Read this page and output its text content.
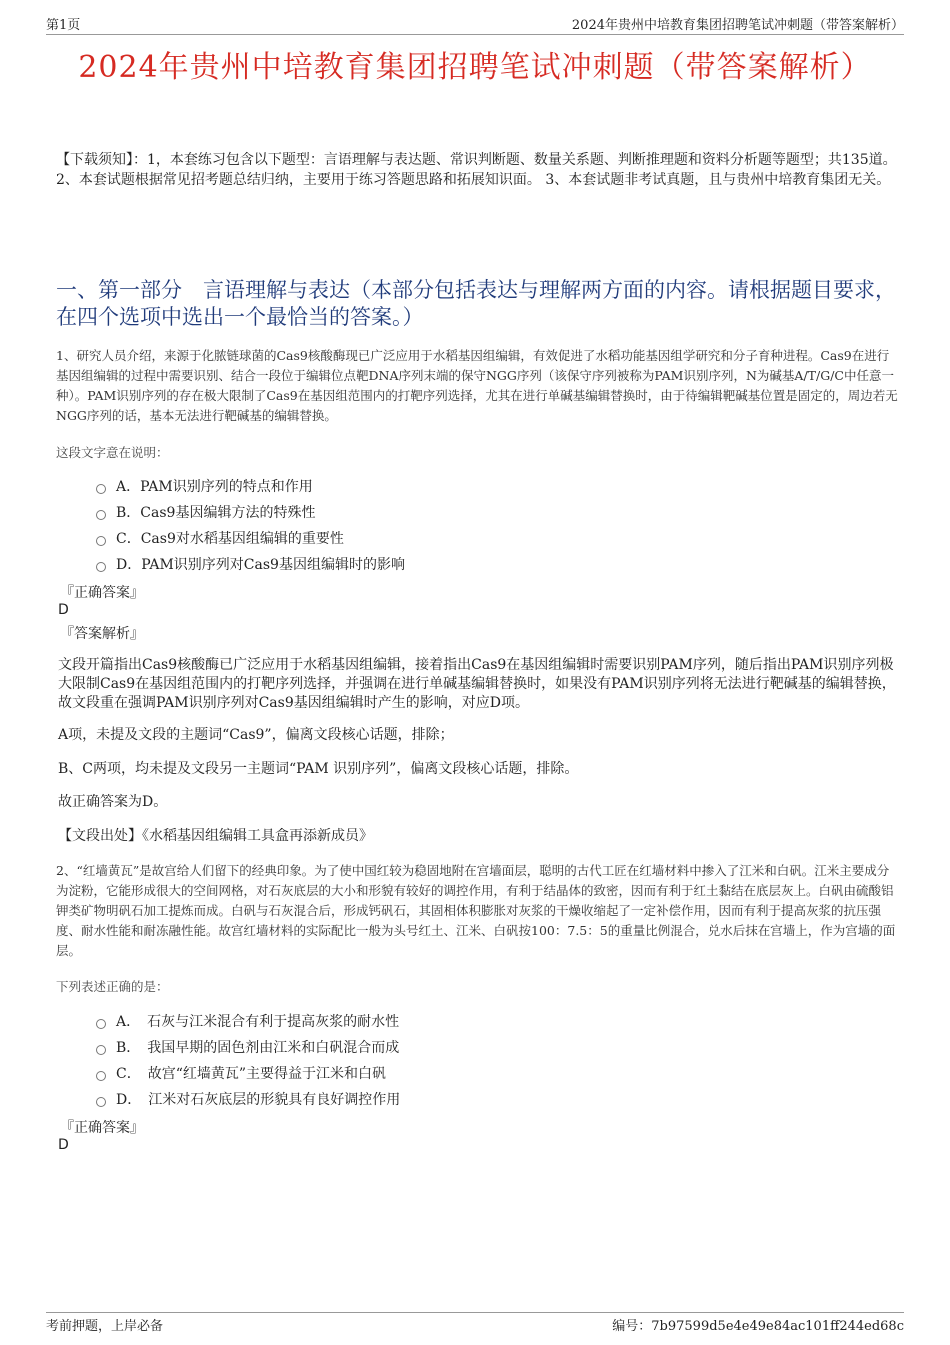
第1页	2024年贵州中培教育集团招聘笔试冲刺题（带答案解析）
2024年贵州中培教育集团招聘笔试冲刺题（带答案解析）
【下载须知】：1，本套练习包含以下题型：言语理解与表达题、常识判断题、数量关系题、判断推理题和资料分析题等题型；共135道。 2、本套试题根据常见招考题总结归纳，主要用于练习答题思路和拓展知识面。 3、本套试题非考试真题，且与贵州中培教育集团无关。
一、第一部分　言语理解与表达（本部分包括表达与理解两方面的内容。请根据题目要求，在四个选项中选出一个最恰当的答案。）
1、研究人员介绍，来源于化脓链球菌的Cas9核酸酶现已广泛应用于水稻基因组编辑，有效促进了水稻功能基因组学研究和分子育种进程。Cas9在进行基因组编辑的过程中需要识别、结合一段位于编辑位点靶DNA序列末端的保守NGG序列（该保守序列被称为PAM识别序列，N为碱基A/T/G/C中任意一种）。PAM识别序列的存在极大限制了Cas9在基因组范围内的打靶序列选择，尤其在进行单碱基编辑替换时，由于待编辑靶碱基位置是固定的，周边若无NGG序列的话，基本无法进行靶碱基的编辑替换。
这段文字意在说明：
A．PAM识别序列的特点和作用
B．Cas9基因编辑方法的特殊性
C．Cas9对水稻基因组编辑的重要性
D．PAM识别序列对Cas9基因组编辑时的影响
『正确答案』
D
『答案解析』
文段开篇指出Cas9核酸酶已广泛应用于水稻基因组编辑，接着指出Cas9在基因组编辑时需要识别PAM序列，随后指出PAM识别序列极大限制Cas9在基因组范围内的打靶序列选择，并强调在进行单碱基编辑替换时，如果没有PAM识别序列将无法进行靶碱基的编辑替换，故文段重在强调PAM识别序列对Cas9基因组编辑时产生的影响，对应D项。
A项，未提及文段的主题词“Cas9”，偏离文段核心话题，排除；
B、C两项，均未提及文段另一主题词“PAM 识别序列”，偏离文段核心话题，排除。
故正确答案为D。
【文段出处】《水稻基因组编辑工具盒再添新成员》
2、“红墙黄瓦”是故宫给人们留下的经典印象。为了使中国红较为稳固地附在宫墙面层，聪明的古代工匠在红墙材料中掺入了江米和白矾。江米主要成分为淀粉，它能形成很大的空间网格，对石灰底层的大小和形貌有较好的调控作用，有利于结晶体的致密，因而有利于红土黏结在底层灰上。白矾由硫酸铝钾类矿物明矾石加工提炼而成。白矾与石灰混合后，形成钙矾石，其固相体积膨胀对灰浆的干燥收缩起了一定补偿作用，因而有利于提高灰浆的抗压强度、耐水性能和耐冻融性能。故宫红墙材料的实际配比一般为头号红土、江米、白矾按100：7.5：5的重量比例混合，兑水后抹在宫墙上，作为宫墙的面层。
下列表述正确的是：
A．　石灰与江米混合有利于提高灰浆的耐水性
B．　我国早期的固色剂由江米和白矾混合而成
C．　故宫“红墙黄瓦”主要得益于江米和白矾
D．　江米对石灰底层的形貌具有良好调控作用
『正确答案』
D
考前押题，上岸必备	编号：7b97599d5e4e49e84ac101ff244ed68c
